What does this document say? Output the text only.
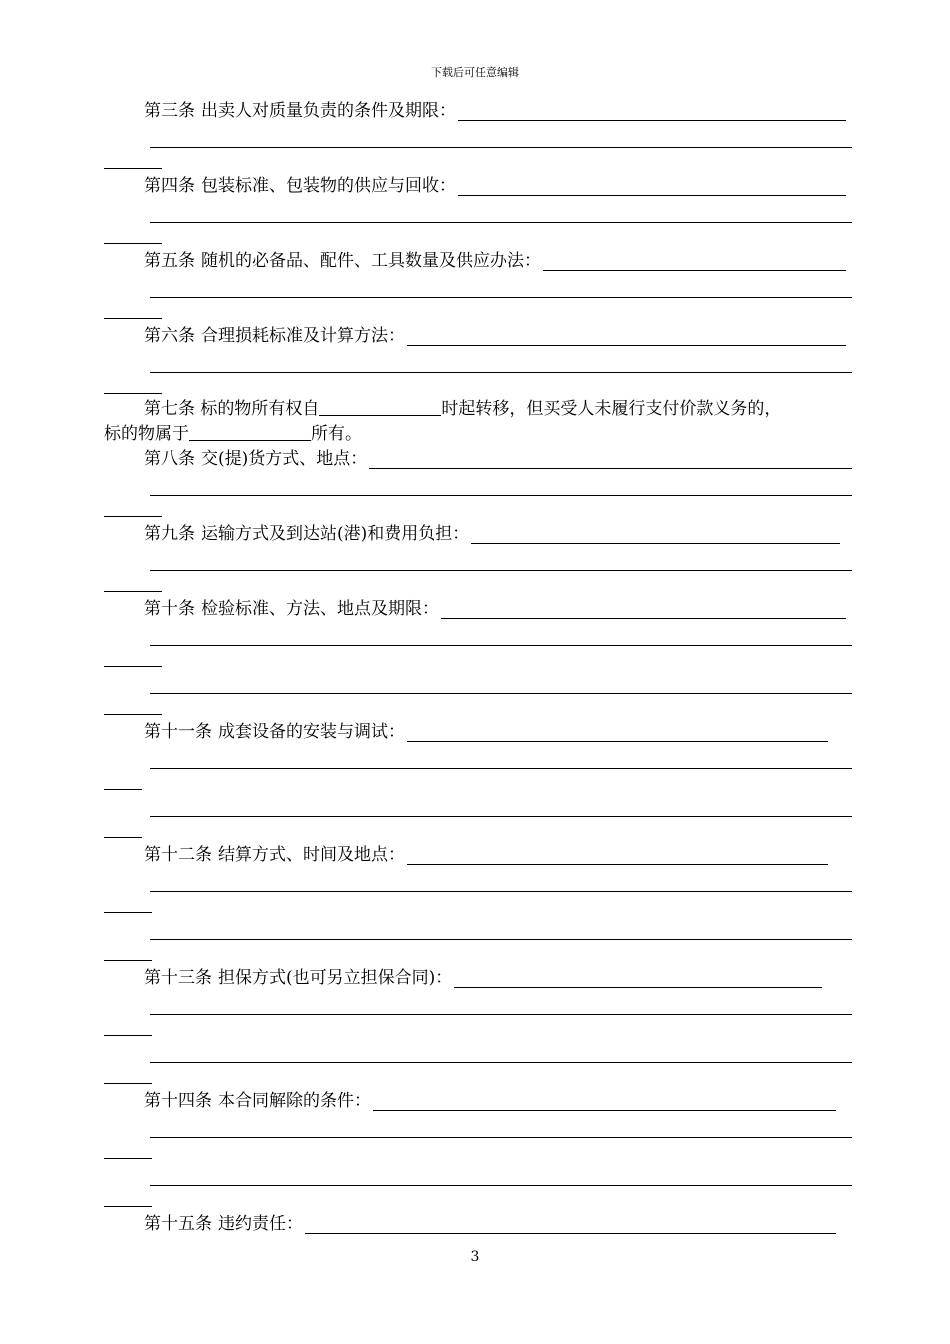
下载后可任意编辑
第三条 出卖人对质量负责的条件及期限：
第四条 包装标准、包装物的供应与回收：
第五条 随机的必备品、配件、工具数量及供应办法：
第六条 合理损耗标准及计算方法：
第七条 标的物所有权自	时起转移，但买受人未履行支付价款义务的，
标的物属于	所有。
第八条 交(提)货方式、地点：
第九条 运输方式及到达站(港)和费用负担：
第十条 检验标准、方法、地点及期限：
第十一条 成套设备的安装与调试：
第十二条 结算方式、时间及地点：
第十三条 担保方式(也可另立担保合同)：
第十四条 本合同解除的条件：
第十五条 违约责任：
3
